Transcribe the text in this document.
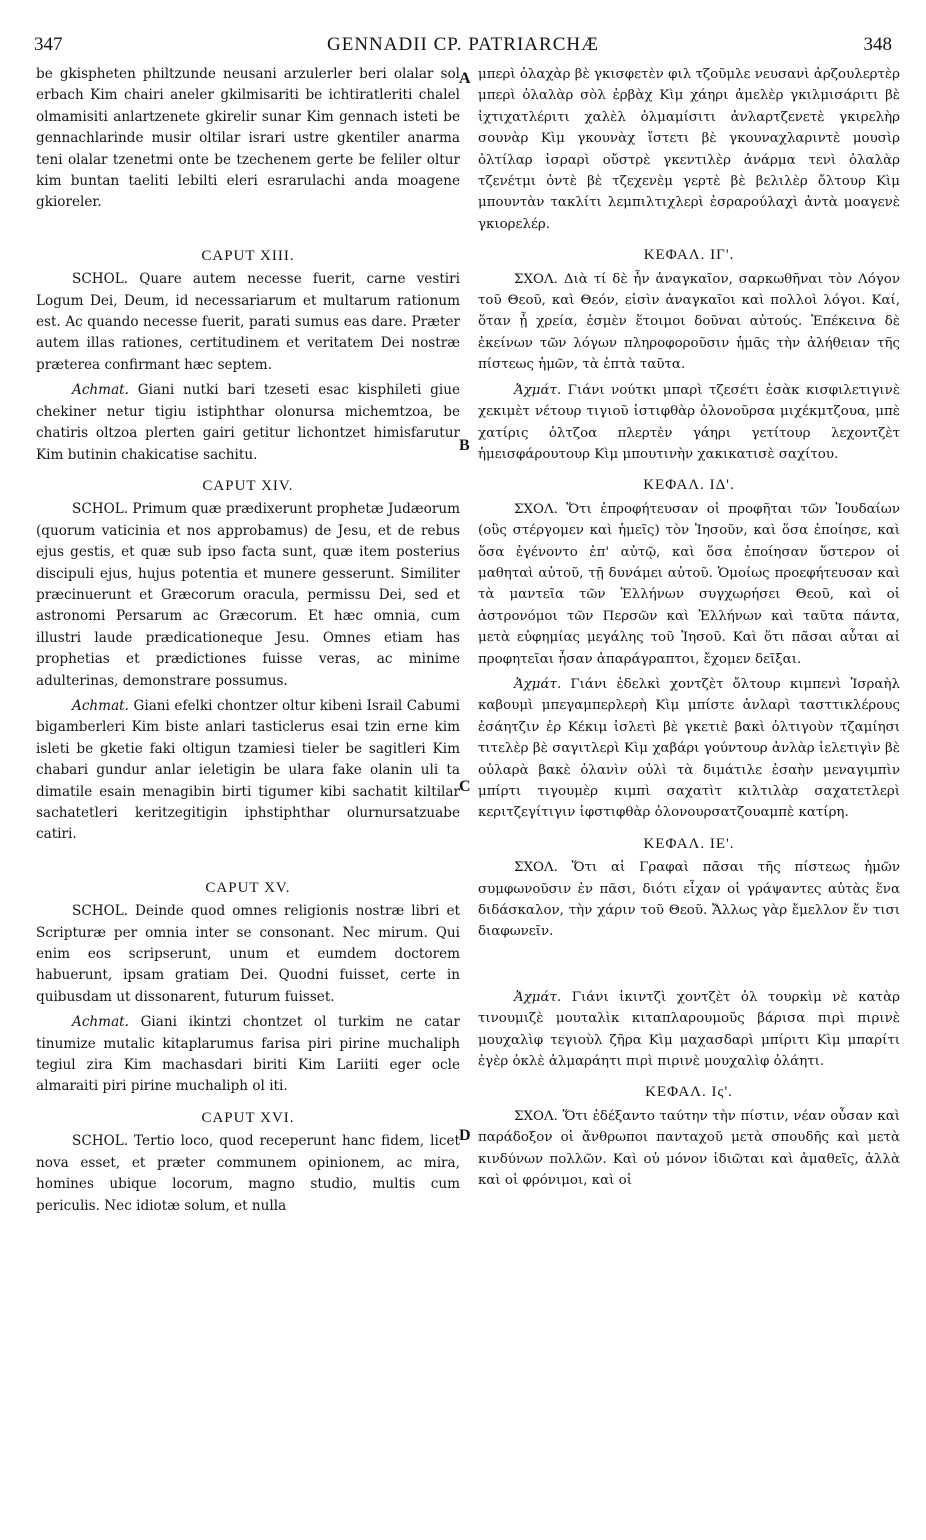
347	GENNADII CP. PATRIARCHÆ	348
A
B
C
D

be gkispheten philtzunde neusani arzulerler beri olalar sol erbach Kim chairi aneler gkilmisariti be ichtiratleriti chalel olmamisiti anlartzenete gkirelir sunar Kim gennach isteti be gennachlarinde musir oltilar israri ustre gkentiler anarma teni olalar tzenetmi onte be tzechenem gerte be feliler oltur kim buntan taeliti lebilti eleri esrarulachi anda moagene gkioreler.

CAPUT XIII.

SCHOL. Quare autem necesse fuerit, carne vestiri Logum Dei, Deum, id necessariarum et multarum rationum est. Ac quando necesse fuerit, parati sumus eas dare. Præter autem illas rationes, certitudinem et veritatem Dei nostræ præterea confirmant hæc septem.

Achmat. Giani nutki bari tzeseti esac kisphileti giue chekiner netur tigiu istiphthar olonursa michemtzoa, be chatiris oltzoa plerten gairi getitur lichontzet himisfarutur Kim butinin chakicatise sachitu.

CAPUT XIV.

SCHOL. Primum quæ prædixerunt prophetæ Judæorum (quorum vaticinia et nos approbamus) de Jesu, et de rebus ejus gestis, et quæ sub ipso facta sunt, quæ item posterius discipuli ejus, hujus potentia et munere gesserunt. Similiter præcinuerunt et Græcorum oracula, permissu Dei, sed et astronomi Persarum ac Græcorum. Et hæc omnia, cum illustri laude prædicationeque Jesu. Omnes etiam has prophetias et prædictiones fuisse veras, ac minime adulterinas, demonstrare possumus.

Achmat. Giani efelki chontzer oltur kibeni Israil Cabumi bigamberleri Kim biste anlari tasticlerus esai tzin erne kim isleti be gketie faki oltigun tzamiesi tieler be sagitleri Kim chabari gundur anlar ieletigin be ulara fake olanin uli ta dimatile esain menagibin birti tigumer kibi sachatit kiltilar sachatetleri keritzegitigin iphstiphthar olurnursatzuabe catiri.

CAPUT XV.

SCHOL. Deinde quod omnes religionis nostræ libri et Scripturæ per omnia inter se consonant. Nec mirum. Qui enim eos scripserunt, unum et eumdem doctorem habuerunt, ipsam gratiam Dei. Quodni fuisset, certe in quibusdam ut dissonarent, futurum fuisset.

Achmat. Giani ikintzi chontzet ol turkim ne catar tinumize mutalic kitaplarumus farisa piri pirine muchaliph tegiul zira Kim machasdari biriti Kim Lariiti eger ocle almaraiti piri pirine muchaliph ol iti.

CAPUT XVI.

SCHOL. Tertio loco, quod receperunt hanc fidem, licet nova esset, et præter communem opinionem, ac mira, homines ubique locorum, magno studio, multis cum periculis. Nec idiotæ solum, et nulla

μπερὶ ὀλαχὰρ βὲ γκισφετὲν φιλ τζοῦμλε νευσανὶ ἀρζουλερτὲρ μπερὶ ὀλαλὰρ σὸλ ἐρβὰχ Κὶμ χάηρι ἀμελὲρ γκιλμισάριτι βὲ ἰχτιχατλέριτι χαλὲλ ὀλμαμίσιτι ἀνλαρτζενετὲ γκιρελὴρ σουνὰρ Κὶμ γκουνὰχ ἴστετι βὲ γκουναχλαριντὲ μουσὶρ ὀλτίλαρ ἰσραρὶ οὔστρὲ γκεντιλὲρ ἀνάρμα τενὶ ὀλαλὰρ τζενέτμι ὀντὲ βὲ τζεχενὲμ γερτὲ βὲ βελιλὲρ ὄλτουρ Κὶμ μπουντὰν τακλίτι λεμπιλτιχλερὶ ἐσραρούλαχὶ ἀντὰ μοαγενὲ γκιορελέρ.

ΚΕΦΑΛ. ΙΓ'.

ΣΧΟΛ. Διὰ τί δὲ ἦν ἀναγκαῖον, σαρκωθῆναι τὸν Λόγον τοῦ Θεοῦ, καὶ Θεόν, εἰσὶν ἀναγκαῖοι καὶ πολλοὶ λόγοι. Καί, ὅταν ᾖ χρεία, ἐσμὲν ἕτοιμοι δοῦναι αὐτούς. Ἐπέκεινα δὲ ἐκείνων τῶν λόγων πληροφοροῦσιν ἡμᾶς τὴν ἀλήθειαν τῆς πίστεως ἡμῶν, τὰ ἑπτὰ ταῦτα.

Ἀχμάτ. Γιάνι νούτκι μπαρὶ τζεσέτι ἐσὰκ κισφιλετιγινὲ χεκιμὲτ νέτουρ τιγιοῦ ἰστιφθὰρ ὀλονοῦρσα μιχέκμτζουα, μπὲ χατίρις ὀλτζοα πλερτὲν γάηρι γετίτουρ λεχοντζὲτ ἡμεισφάρουτουρ Κὶμ μπουτινὴν χακικατισὲ σαχίτου.

ΚΕΦΑΛ. ΙΔ'.

ΣΧΟΛ. Ὅτι ἐπροφήτευσαν οἱ προφῆται τῶν Ἰουδαίων (οὓς στέργομεν καὶ ἡμεῖς) τὸν Ἰησοῦν, καὶ ὅσα ἐποίησε, καὶ ὅσα ἐγένοντο ἐπ' αὐτῷ, καὶ ὅσα ἐποίησαν ὕστερον οἱ μαθηταὶ αὐτοῦ, τῇ δυνάμει αὐτοῦ. Ὁμοίως προεφήτευσαν καὶ τὰ μαντεῖα τῶν Ἑλλήνων συγχωρήσει Θεοῦ, καὶ οἱ ἀστρονόμοι τῶν Περσῶν καὶ Ἑλλήνων καὶ ταῦτα πάντα, μετὰ εὐφημίας μεγάλης τοῦ Ἰησοῦ. Καὶ ὅτι πᾶσαι αὗται αἱ προφητεῖαι ἦσαν ἀπαράγραπτοι, ἔχομεν δεῖξαι.

Ἀχμάτ. Γιάνι ἐδελκὶ χοντζὲτ ὄλτουρ κιμπενὶ Ἰσραὴλ καβουμὶ μπεγαμπερλερὴ Κὶμ μπίστε ἀνλαρὶ τασττικλέρους ἐσάητζιν ἐρ Κέκιμ ἰσλετὶ βὲ γκετιὲ βακὶ ὀλτιγοὺν τζαμίησι τιτελὲρ βὲ σαγιτλερὶ Κὶμ χαβάρι γούντουρ ἀνλὰρ ἰελετιγὶν βὲ οὐλαρὰ βακὲ ὀλανὶν οὐλὶ τὰ διμάτιλε ἐσαὴν μεναγιμπὶν μπίρτι τιγουμὲρ κιμπὶ σαχατὶτ κιλτιλὰρ σαχατετλερὶ κεριτζεγίτιγιν ἰφστιφθὰρ ὀλονουρσατζουαμπὲ κατίρη.

ΚΕΦΑΛ. ΙΕ'.

ΣΧΟΛ. Ὅτι αἱ Γραφαὶ πᾶσαι τῆς πίστεως ἡμῶν συμφωνοῦσιν ἐν πᾶσι, διότι εἶχαν οἱ γράψαντες αὐτὰς ἕνα διδάσκαλον, τὴν χάριν τοῦ Θεοῦ. Ἄλλως γὰρ ἔμελλον ἔν τισι διαφωνεῖν.

Ἀχμάτ. Γιάνι ἰκιντζὶ χοντζὲτ ὀλ τουρκὶμ νὲ κατὰρ τινουμιζὲ μουταλὶκ κιταπλαρουμοῦς βάρισα πιρὶ πιρινὲ μουχαλὶφ τεγιοὺλ ζῆρα Κὶμ μαχασδαρὶ μπίριτι Κὶμ μπαρίτι ἐγὲρ ὀκλὲ ἀλμαράητι πιρὶ πιρινὲ μουχαλὶφ ὀλάητι.

ΚΕΦΑΛ. Ις'.

ΣΧΟΛ. Ὅτι ἐδέξαντο ταύτην τὴν πίστιν, νέαν οὖσαν καὶ παράδοξον οἱ ἄνθρωποι πανταχοῦ μετὰ σπουδῆς καὶ μετὰ κινδύνων πολλῶν. Καὶ οὐ μόνον ἰδιῶται καὶ ἀμαθεῖς, ἀλλὰ καὶ οἱ φρόνιμοι, καὶ οἱ
